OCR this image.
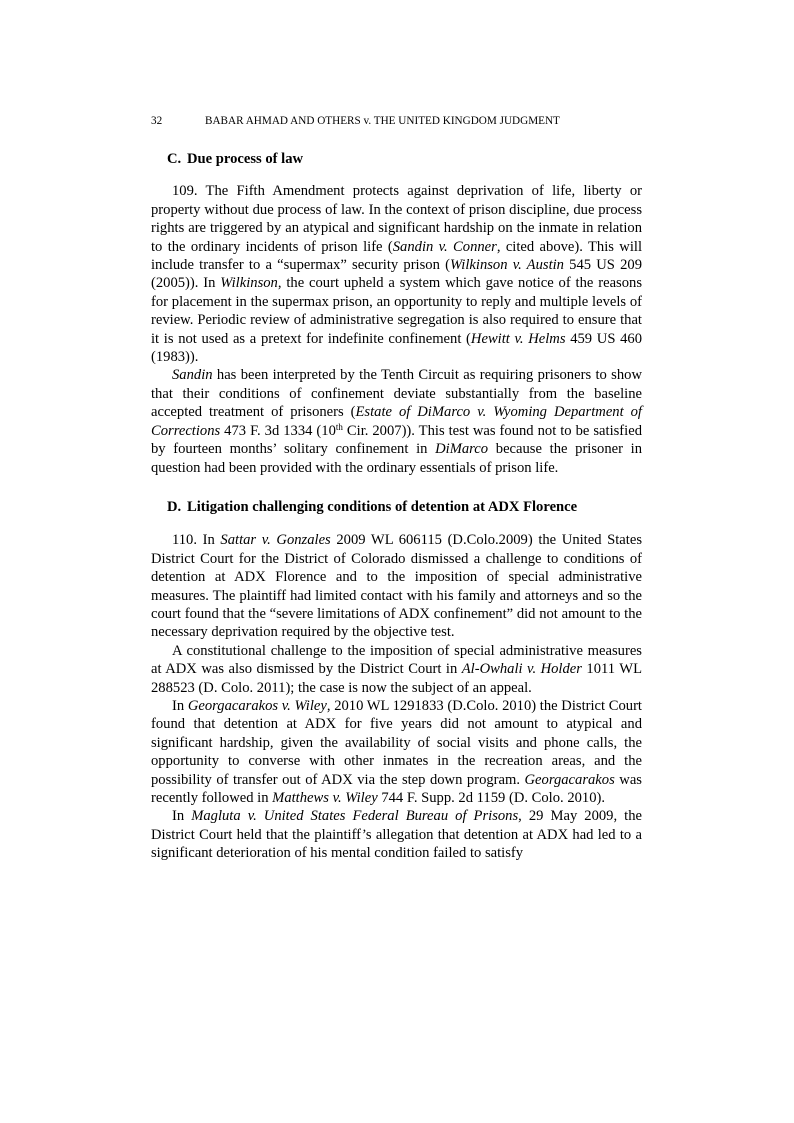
32	BABAR AHMAD AND OTHERS v. THE UNITED KINGDOM JUDGMENT
C. Due process of law

109. The Fifth Amendment protects against deprivation of life, liberty or property without due process of law. In the context of prison discipline, due process rights are triggered by an atypical and significant hardship on the inmate in relation to the ordinary incidents of prison life (Sandin v. Conner, cited above). This will include transfer to a “supermax” security prison (Wilkinson v. Austin 545 US 209 (2005)). In Wilkinson, the court upheld a system which gave notice of the reasons for placement in the supermax prison, an opportunity to reply and multiple levels of review. Periodic review of administrative segregation is also required to ensure that it is not used as a pretext for indefinite confinement (Hewitt v. Helms 459 US 460 (1983)).

Sandin has been interpreted by the Tenth Circuit as requiring prisoners to show that their conditions of confinement deviate substantially from the baseline accepted treatment of prisoners (Estate of DiMarco v. Wyoming Department of Corrections 473 F. 3d 1334 (10th Cir. 2007)). This test was found not to be satisfied by fourteen months’ solitary confinement in DiMarco because the prisoner in question had been provided with the ordinary essentials of prison life.

D. Litigation challenging conditions of detention at ADX Florence

110. In Sattar v. Gonzales 2009 WL 606115 (D.Colo.2009) the United States District Court for the District of Colorado dismissed a challenge to conditions of detention at ADX Florence and to the imposition of special administrative measures. The plaintiff had limited contact with his family and attorneys and so the court found that the “severe limitations of ADX confinement” did not amount to the necessary deprivation required by the objective test.

A constitutional challenge to the imposition of special administrative measures at ADX was also dismissed by the District Court in Al-Owhali v. Holder 1011 WL 288523 (D. Colo. 2011); the case is now the subject of an appeal.

In Georgacarakos v. Wiley, 2010 WL 1291833 (D.Colo. 2010) the District Court found that detention at ADX for five years did not amount to atypical and significant hardship, given the availability of social visits and phone calls, the opportunity to converse with other inmates in the recreation areas, and the possibility of transfer out of ADX via the step down program. Georgacarakos was recently followed in Matthews v. Wiley 744 F. Supp. 2d 1159 (D. Colo. 2010).

In Magluta v. United States Federal Bureau of Prisons, 29 May 2009, the District Court held that the plaintiff’s allegation that detention at ADX had led to a significant deterioration of his mental condition failed to satisfy
